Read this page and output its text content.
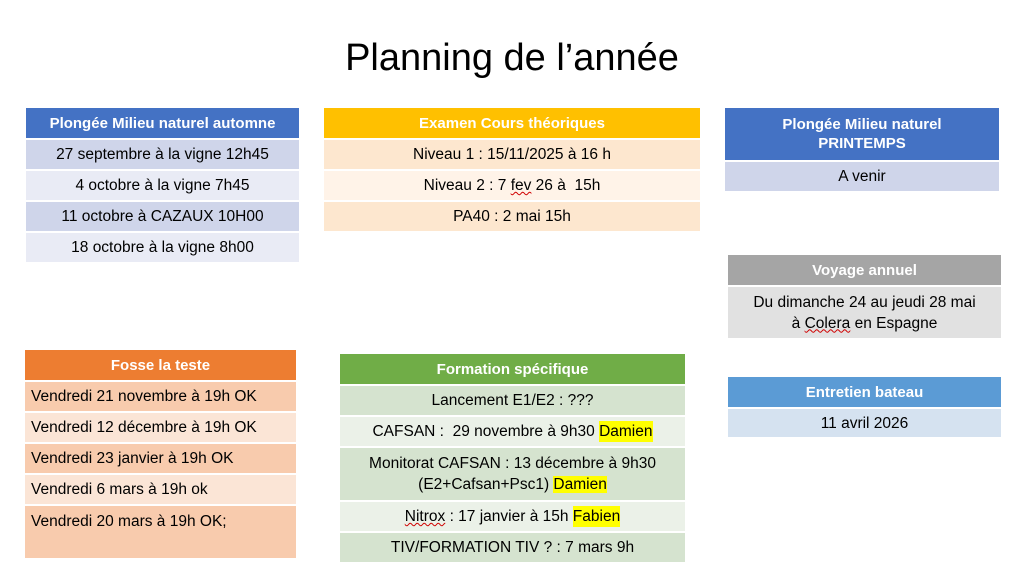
Planning de l’année
Plongée Milieu naturel automne
27 septembre à la vigne 12h45
4 octobre à la vigne 7h45
11 octobre à CAZAUX 10H00
18 octobre à la vigne 8h00
Examen Cours théoriques
Niveau 1 : 15/11/2025 à 16 h
Niveau 2 : 7 fev 26 à  15h
PA40 : 2 mai 15h
Plongée Milieu naturel
PRINTEMPS
A venir
Voyage annuel
Du dimanche 24 au jeudi 28 mai
à Colera en Espagne
Entretien bateau
11 avril 2026
Fosse la teste
Vendredi 21 novembre à 19h OK
Vendredi 12 décembre à 19h OK
Vendredi 23 janvier à 19h OK
Vendredi 6 mars à 19h ok
Vendredi 20 mars à 19h OK;
Formation spécifique
Lancement E1/E2 : ???
CAFSAN :  29 novembre à 9h30 Damien
Monitorat CAFSAN : 13 décembre à 9h30
(E2+Cafsan+Psc1) Damien
Nitrox : 17 janvier à 15h Fabien
TIV/FORMATION TIV ? : 7 mars 9h
